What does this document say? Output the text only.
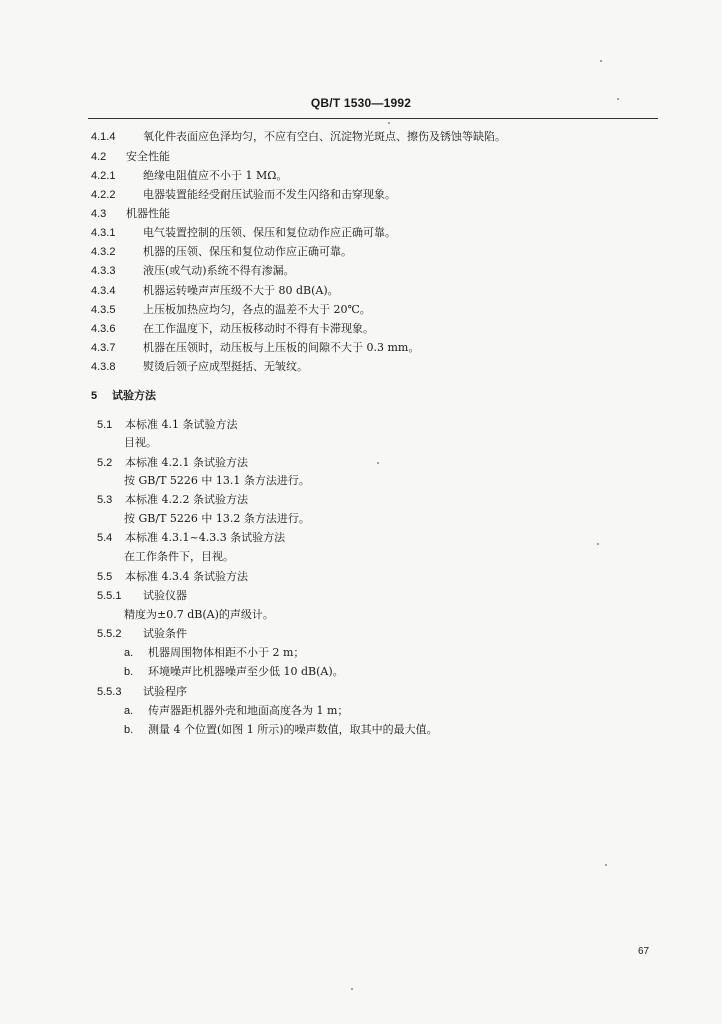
QB/T 1530—1992
4.1.4	氧化件表面应色泽均匀，不应有空白、沉淀物光斑点、擦伤及锈蚀等缺陷。
4.2 安全性能
4.2.1	绝缘电阻值应不小于 1 MΩ。
4.2.2	电器装置能经受耐压试验而不发生闪络和击穿现象。
4.3 机器性能
4.3.1	电气装置控制的压领、保压和复位动作应正确可靠。
4.3.2	机器的压领、保压和复位动作应正确可靠。
4.3.3	液压(或气动)系统不得有渗漏。
4.3.4	机器运转噪声声压级不大于 80 dB(A)。
4.3.5	上压板加热应均匀，各点的温差不大于 20℃。
4.3.6	在工作温度下，动压板移动时不得有卡滞现象。
4.3.7	机器在压领时，动压板与上压板的间隙不大于 0.3 mm。
4.3.8	熨烫后领子应成型挺括、无皱纹。
5 试验方法
5.1 本标准 4.1 条试验方法
目视。
5.2 本标准 4.2.1 条试验方法
按 GB/T 5226 中 13.1 条方法进行。
5.3 本标准 4.2.2 条试验方法
按 GB/T 5226 中 13.2 条方法进行。
5.4 本标准 4.3.1~4.3.3 条试验方法
在工作条件下，目视。
5.5 本标准 4.3.4 条试验方法
5.5.1 试验仪器
精度为±0.7 dB(A)的声级计。
5.5.2 试验条件
a. 机器周围物体相距不小于 2 m；
b. 环境噪声比机器噪声至少低 10 dB(A)。
5.5.3 试验程序
a. 传声器距机器外壳和地面高度各为 1 m；
b. 测量 4 个位置(如图 1 所示)的噪声数值，取其中的最大值。
67
